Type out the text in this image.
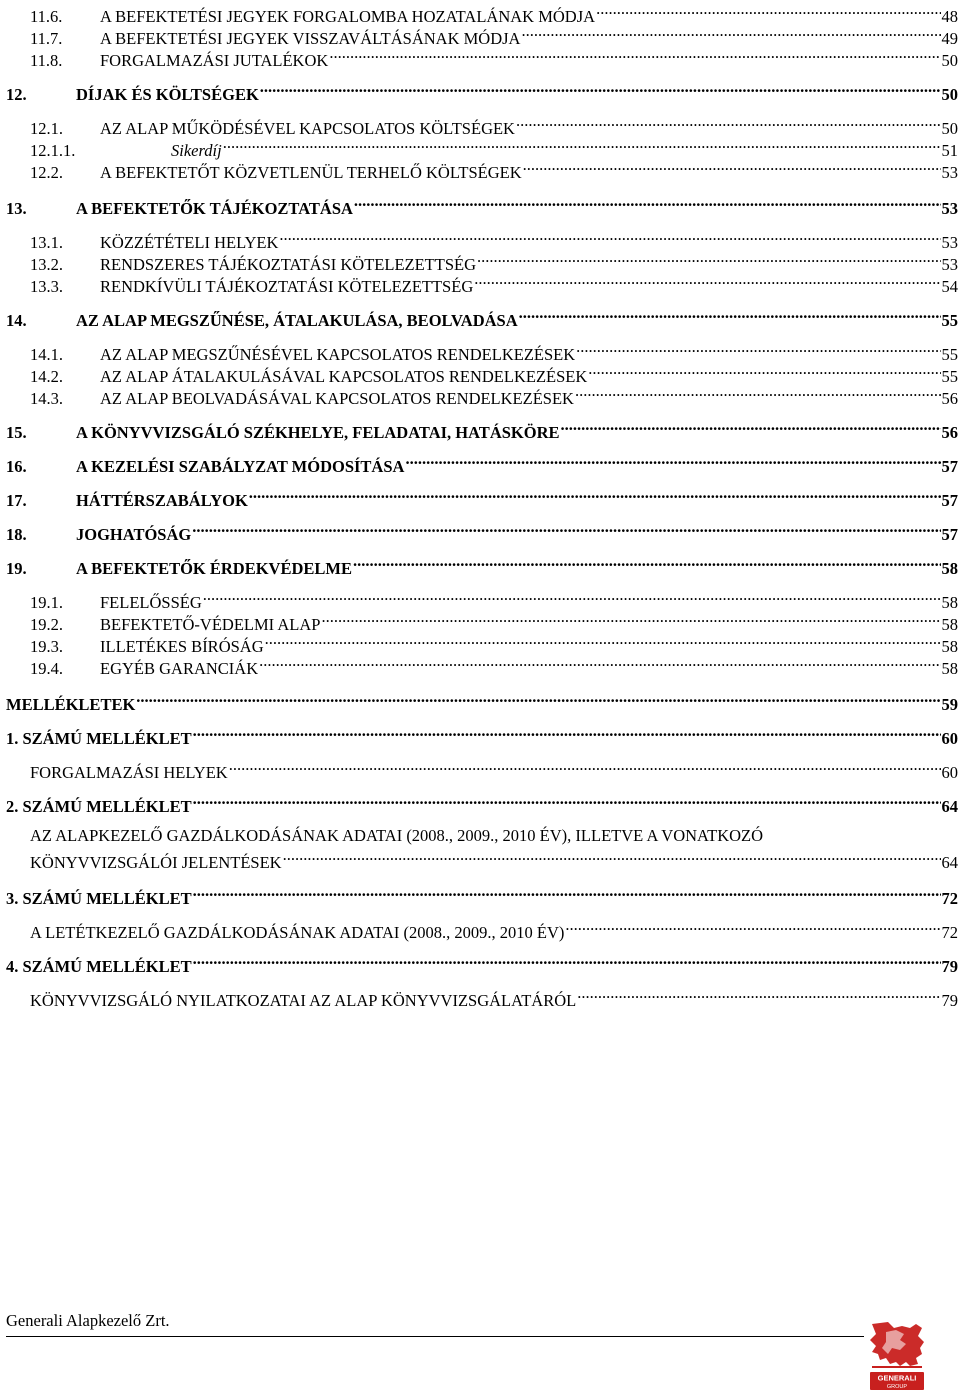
11.6.	A BEFEKTETÉSI JEGYEK FORGALOMBA HOZATALÁNAK MÓDJA .....	48
11.7.	A BEFEKTETÉSI JEGYEK VISSZAVÁLTÁSÁNAK MÓDJA .....	49
11.8.	FORGALMAZÁSI JUTALÉKOK .....	50
12.	DÍJAK ÉS KÖLTSÉGEK .....	50
12.1.	AZ ALAP MŰKÖDÉSÉVEL KAPCSOLATOS KÖLTSÉGEK .....	50
12.1.1.	Sikerdíj .....	51
12.2.	A BEFEKTETŐT KÖZVETLENÜL TERHELŐ KÖLTSÉGEK .....	53
13.	A BEFEKTETŐK TÁJÉKOZTATÁSA .....	53
13.1.	KÖZZÉTÉTELI HELYEK .....	53
13.2.	RENDSZERES TÁJÉKOZTATÁSI KÖTELEZETTSÉG .....	53
13.3.	RENDKÍVÜLI TÁJÉKOZTATÁSI KÖTELEZETTSÉG .....	54
14.	AZ ALAP MEGSZŰNÉSE, ÁTALAKULÁSA, BEOLVADÁSA .....	55
14.1.	AZ ALAP MEGSZŰNÉSÉVEL KAPCSOLATOS RENDELKEZÉSEK .....	55
14.2.	AZ ALAP ÁTALAKULÁSÁVAL KAPCSOLATOS RENDELKEZÉSEK .....	55
14.3.	AZ ALAP BEOLVADÁSÁVAL KAPCSOLATOS RENDELKEZÉSEK .....	56
15.	A KÖNYVVIZSGÁLÓ SZÉKHELYE, FELADATAI, HATÁSKÖRE .....	56
16.	A KEZELÉSI SZABÁLYZAT MÓDOSÍTÁSA .....	57
17.	HÁTTÉRSZABÁLYOK .....	57
18.	JOGHATÓSÁG .....	57
19.	A BEFEKTETŐK ÉRDEKVÉDELME .....	58
19.1.	FELELŐSSÉG .....	58
19.2.	BEFEKTETŐ-VÉDELMI ALAP .....	58
19.3.	ILLETÉKES BÍRÓSÁG .....	58
19.4.	EGYÉB GARANCIÁK .....	58
MELLÉKLETEK .....	59
1. SZÁMÚ MELLÉKLET .....	60
FORGALMAZÁSI HELYEK .....	60
2. SZÁMÚ MELLÉKLET .....	64
AZ ALAPKEZELŐ GAZDÁLKODÁSÁNAK ADATAI (2008., 2009., 2010 ÉV), ILLETVE A VONATKOZÓ
KÖNYVVIZSGÁLÓI JELENTÉSEK .....	64
3. SZÁMÚ MELLÉKLET .....	72
A LETÉTKEZELŐ GAZDÁLKODÁSÁNAK ADATAI (2008., 2009., 2010 ÉV) .....	72
4. SZÁMÚ MELLÉKLET .....	79
KÖNYVVIZSGÁLÓ NYILATKOZATAI AZ ALAP KÖNYVVIZSGÁLATÁRÓL .....	79
Generali Alapkezelő Zrt.
GENERALI
GROUP
